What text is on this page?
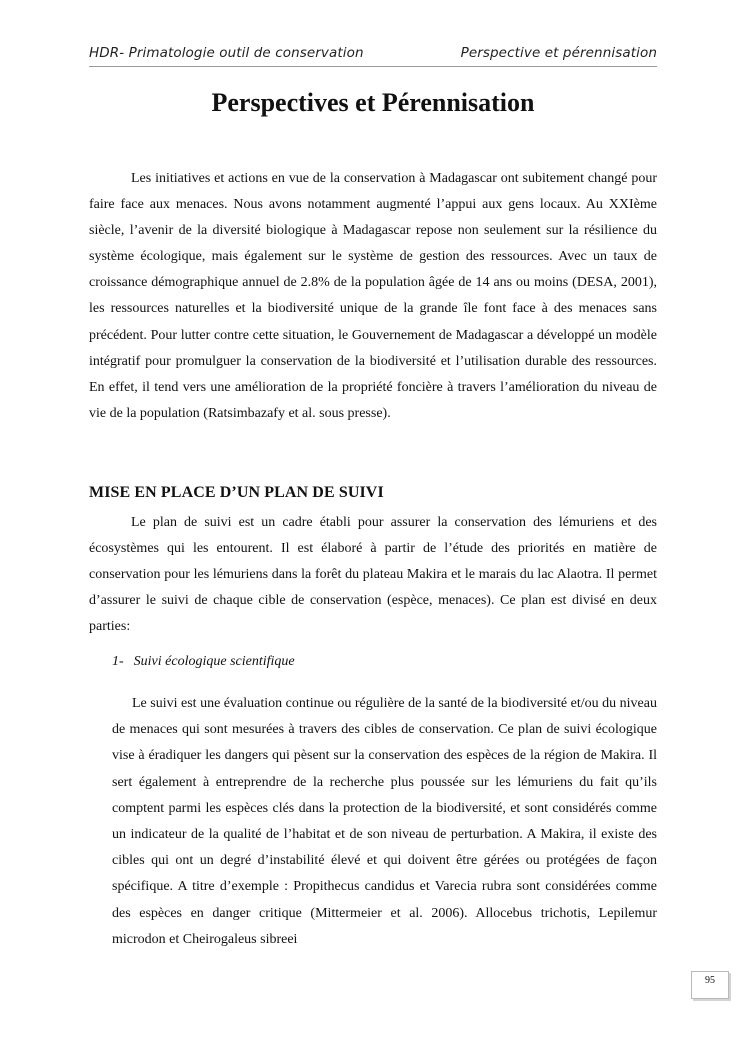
HDR- Primatologie outil de conservation	Perspective et pérennisation
Perspectives et Pérennisation

Les initiatives et actions en vue de la conservation à Madagascar ont subitement changé pour faire face aux menaces. Nous avons notamment augmenté l’appui aux gens locaux. Au XXIème siècle, l’avenir de la diversité biologique à Madagascar repose non seulement sur la résilience du système écologique, mais également sur le système de gestion des ressources. Avec un taux de croissance démographique annuel de 2.8% de la population âgée de 14 ans ou moins (DESA, 2001), les ressources naturelles et la biodiversité unique de la grande île font face à des menaces sans précédent. Pour lutter contre cette situation, le Gouvernement de Madagascar a développé un modèle intégratif pour promulguer la conservation de la biodiversité et l’utilisation durable des ressources. En effet, il tend vers une amélioration de la propriété foncière à travers l’amélioration du niveau de vie de la population (Ratsimbazafy et al. sous presse).

MISE EN PLACE D’UN PLAN DE SUIVI

Le plan de suivi est un cadre établi pour assurer la conservation des lémuriens et des écosystèmes qui les entourent. Il est élaboré à partir de l’étude des priorités en matière de conservation pour les lémuriens dans la forêt du plateau Makira et le marais du lac Alaotra. Il permet d’assurer le suivi de chaque cible de conservation (espèce, menaces). Ce plan est divisé en deux parties:

1- Suivi écologique scientifique

Le suivi est une évaluation continue ou régulière de la santé de la biodiversité et/ou du niveau de menaces qui sont mesurées à travers des cibles de conservation. Ce plan de suivi écologique vise à éradiquer les dangers qui pèsent sur la conservation des espèces de la région de Makira. Il sert également à entreprendre de la recherche plus poussée sur les lémuriens du fait qu’ils comptent parmi les espèces clés dans la protection de la biodiversité, et sont considérés comme un indicateur de la qualité de l’habitat et de son niveau de perturbation. A Makira, il existe des cibles qui ont un degré d’instabilité élevé et qui doivent être gérées ou protégées de façon spécifique. A titre d’exemple : Propithecus candidus et Varecia rubra sont considérées comme des espèces en danger critique (Mittermeier et al. 2006). Allocebus trichotis, Lepilemur microdon et Cheirogaleus sibreei

95
